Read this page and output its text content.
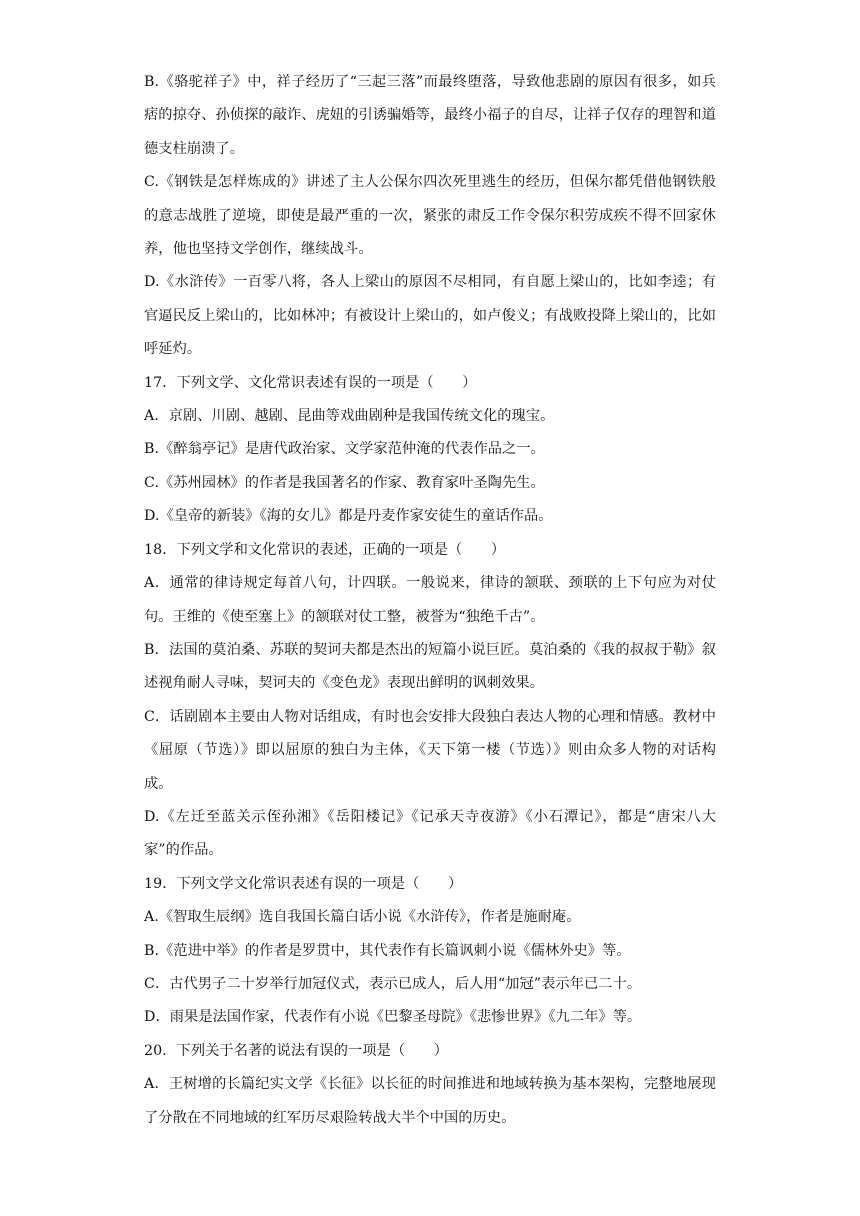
B.《骆驼祥子》中，祥子经历了“三起三落”而最终堕落，导致他悲剧的原因有很多，如兵痞的掠夺、孙侦探的敲诈、虎妞的引诱骗婚等，最终小福子的自尽，让祥子仅存的理智和道德支柱崩溃了。

C.《钢铁是怎样炼成的》讲述了主人公保尔四次死里逃生的经历，但保尔都凭借他钢铁般的意志战胜了逆境，即使是最严重的一次，紧张的肃反工作令保尔积劳成疾不得不回家休养，他也坚持文学创作，继续战斗。

D.《水浒传》一百零八将，各人上梁山的原因不尽相同，有自愿上梁山的，比如李逵；有官逼民反上梁山的，比如林冲；有被设计上梁山的，如卢俊义；有战败投降上梁山的，比如呼延灼。

17．下列文学、文化常识表述有误的一项是（　　）

A．京剧、川剧、越剧、昆曲等戏曲剧种是我国传统文化的瑰宝。

B.《醉翁亭记》是唐代政治家、文学家范仲淹的代表作品之一。

C.《苏州园林》的作者是我国著名的作家、教育家叶圣陶先生。

D.《皇帝的新装》《海的女儿》都是丹麦作家安徒生的童话作品。

18．下列文学和文化常识的表述，正确的一项是（　　）

A．通常的律诗规定每首八句，计四联。一般说来，律诗的颔联、颈联的上下句应为对仗句。王维的《使至塞上》的颔联对仗工整，被誉为“独绝千古”。

B．法国的莫泊桑、苏联的契诃夫都是杰出的短篇小说巨匠。莫泊桑的《我的叔叔于勒》叙述视角耐人寻味，契诃夫的《变色龙》表现出鲜明的讽刺效果。

C．话剧剧本主要由人物对话组成，有时也会安排大段独白表达人物的心理和情感。教材中《屈原（节选）》即以屈原的独白为主体，《天下第一楼（节选）》则由众多人物的对话构成。

D.《左迁至蓝关示侄孙湘》《岳阳楼记》《记承天寺夜游》《小石潭记》，都是“唐宋八大家”的作品。

19．下列文学文化常识表述有误的一项是（　　）

A.《智取生辰纲》选自我国长篇白话小说《水浒传》，作者是施耐庵。

B.《范进中举》的作者是罗贯中，其代表作有长篇讽刺小说《儒林外史》等。

C．古代男子二十岁举行加冠仪式，表示已成人，后人用“加冠”表示年已二十。

D．雨果是法国作家，代表作有小说《巴黎圣母院》《悲惨世界》《九二年》等。

20．下列关于名著的说法有误的一项是（　　）

A．王树增的长篇纪实文学《长征》以长征的时间推进和地域转换为基本架构，完整地展现了分散在不同地域的红军历尽艰险转战大半个中国的历史。
